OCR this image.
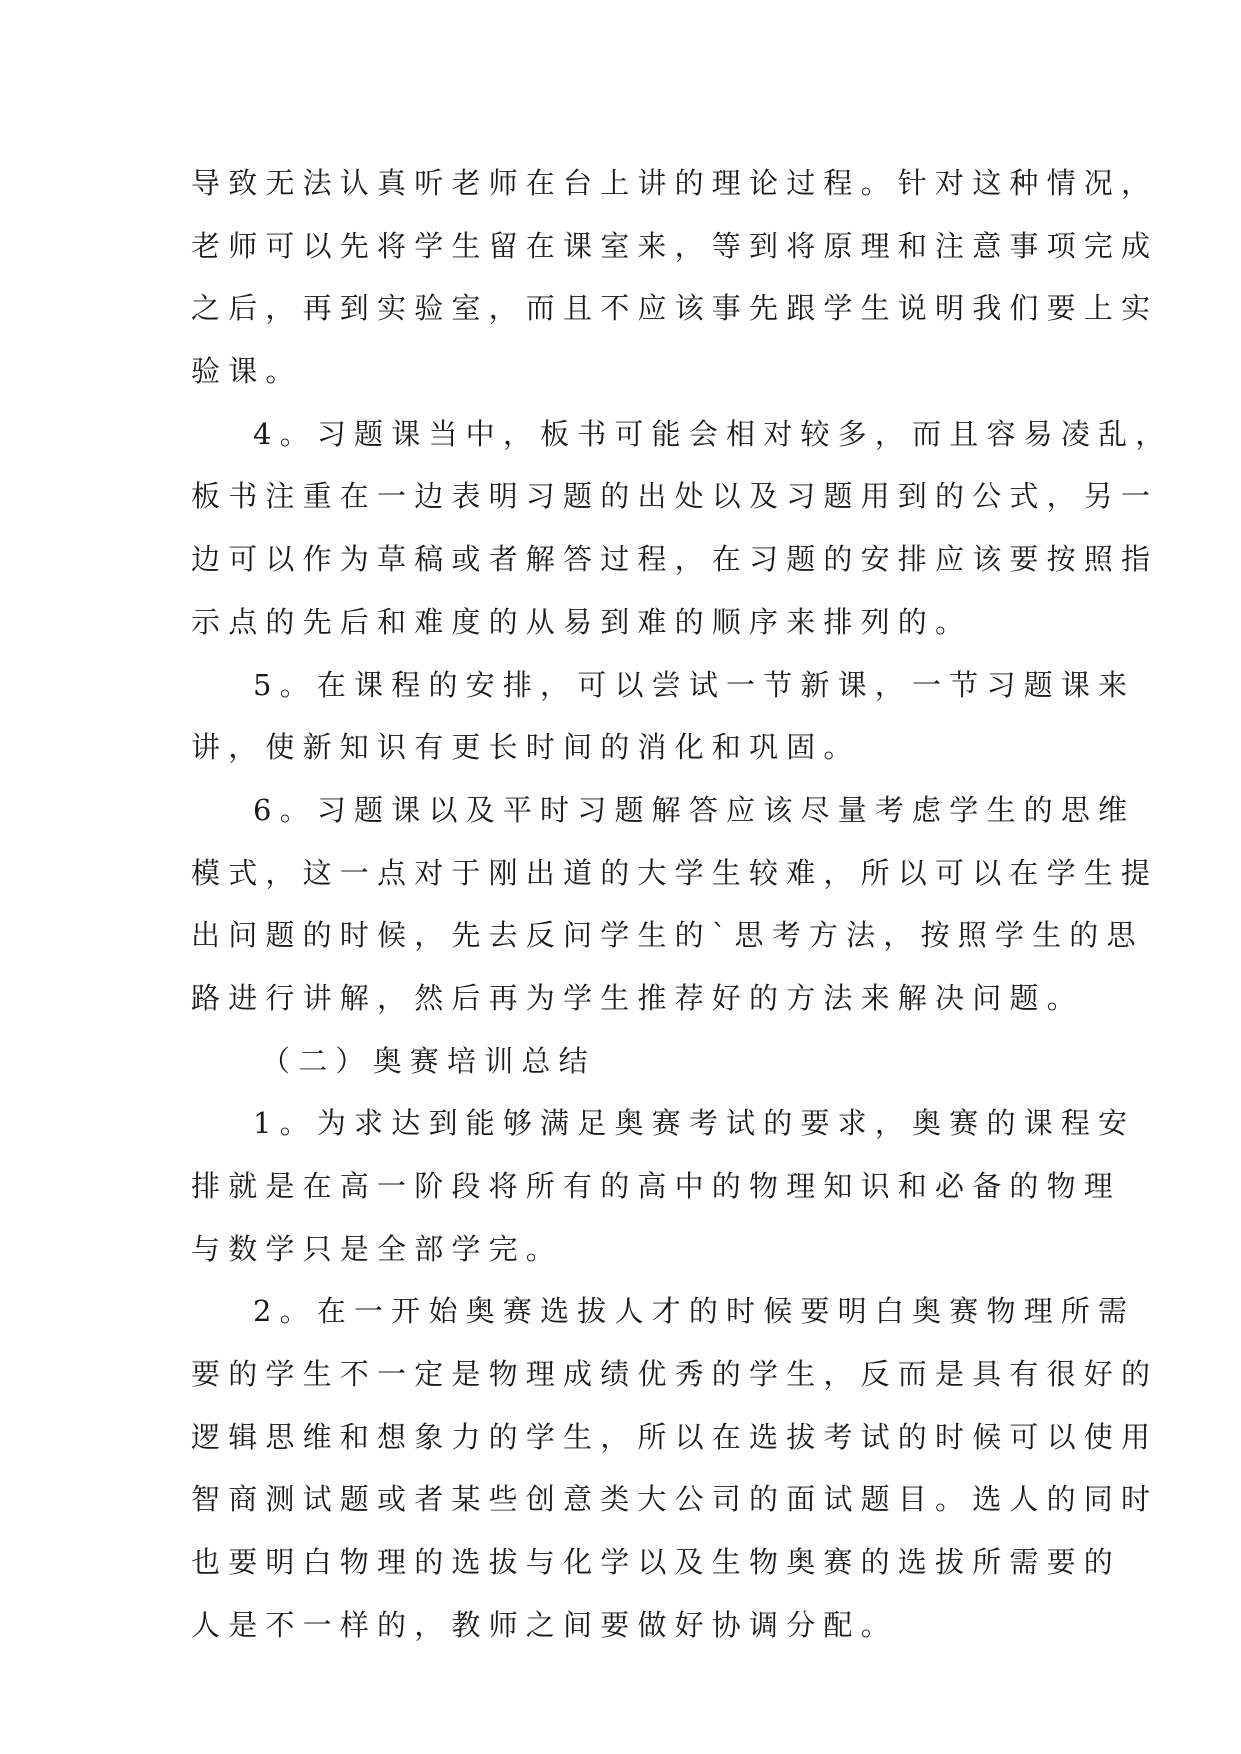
导致无法认真听老师在台上讲的理论过程。针对这种情况，
老师可以先将学生留在课室来，等到将原理和注意事项完成
之后，再到实验室，而且不应该事先跟学生说明我们要上实
验课。

4。习题课当中，板书可能会相对较多，而且容易凌乱，
板书注重在一边表明习题的出处以及习题用到的公式，另一
边可以作为草稿或者解答过程，在习题的安排应该要按照指
示点的先后和难度的从易到难的顺序来排列的。

5。在课程的安排，可以尝试一节新课，一节习题课来
讲，使新知识有更长时间的消化和巩固。

6。习题课以及平时习题解答应该尽量考虑学生的思维
模式，这一点对于刚出道的大学生较难，所以可以在学生提
出问题的时候，先去反问学生的`思考方法，按照学生的思
路进行讲解，然后再为学生推荐好的方法来解决问题。

（二）奥赛培训总结

1。为求达到能够满足奥赛考试的要求，奥赛的课程安
排就是在高一阶段将所有的高中的物理知识和必备的物理
与数学只是全部学完。

2。在一开始奥赛选拔人才的时候要明白奥赛物理所需
要的学生不一定是物理成绩优秀的学生，反而是具有很好的
逻辑思维和想象力的学生，所以在选拔考试的时候可以使用
智商测试题或者某些创意类大公司的面试题目。选人的同时
也要明白物理的选拔与化学以及生物奥赛的选拔所需要的
人是不一样的，教师之间要做好协调分配。
